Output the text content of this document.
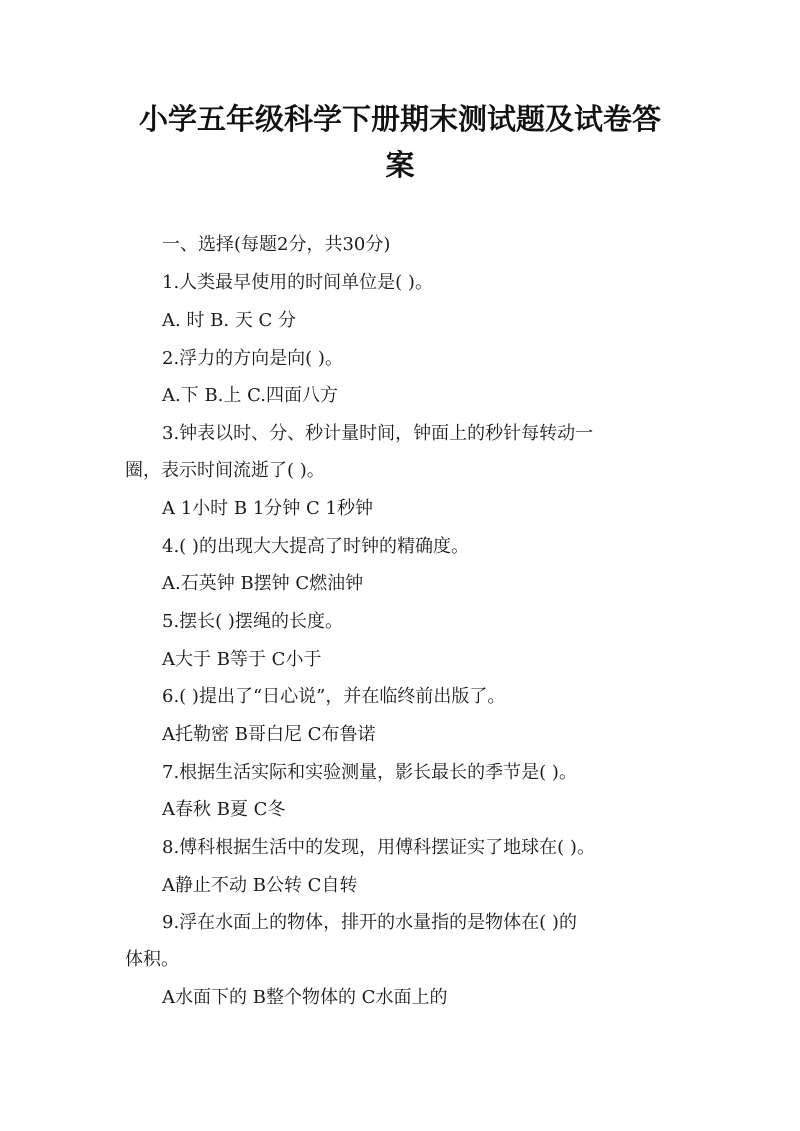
小学五年级科学下册期末测试题及试卷答
案
一、选择(每题2分，共30分)
1.人类最早使用的时间单位是( )。
A. 时 B. 天 C 分
2.浮力的方向是向( )。
A.下 B.上 C.四面八方
3.钟表以时、分、秒计量时间，钟面上的秒针每转动一
圈，表示时间流逝了( )。
A 1小时 B 1分钟 C 1秒钟
4.( )的出现大大提高了时钟的精确度。
A.石英钟 B摆钟 C燃油钟
5.摆长( )摆绳的长度。
A大于 B等于 C小于
6.( )提出了“日心说”，并在临终前出版了。
A托勒密 B哥白尼 C布鲁诺
7.根据生活实际和实验测量，影长最长的季节是( )。
A春秋 B夏 C冬
8.傅科根据生活中的发现，用傅科摆证实了地球在( )。
A静止不动 B公转 C自转
9.浮在水面上的物体，排开的水量指的是物体在( )的
体积。
A水面下的 B整个物体的 C水面上的
